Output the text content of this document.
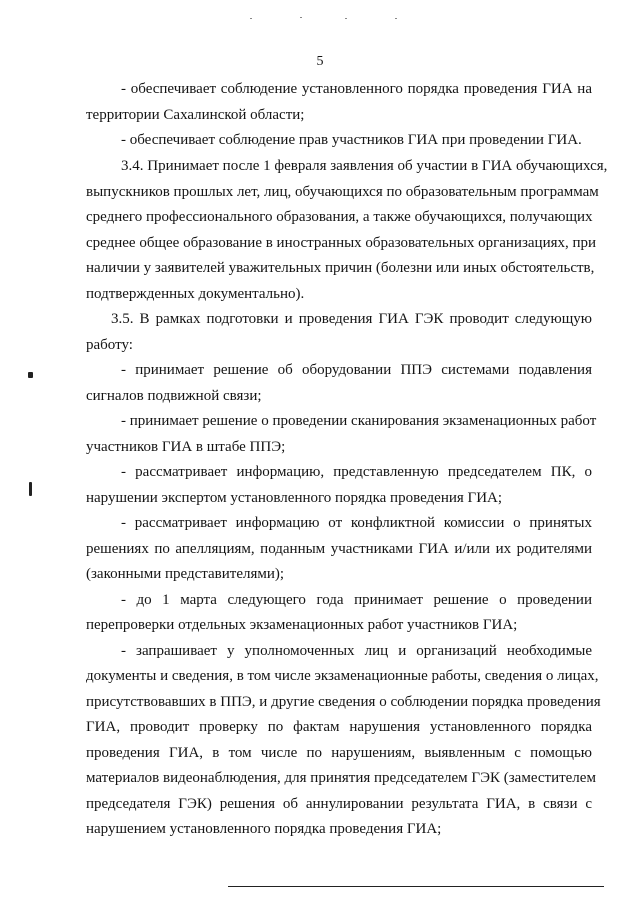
5
- обеспечивает соблюдение установленного порядка проведения ГИА на
территории Сахалинской области;
- обеспечивает соблюдение прав участников ГИА при проведении ГИА.
3.4. Принимает после 1 февраля заявления об участии в ГИА обучающихся,
выпускников прошлых лет, лиц, обучающихся по образовательным программам
среднего профессионального образования, а также обучающихся, получающих
среднее общее образование в иностранных образовательных организациях, при
наличии у заявителей уважительных причин (болезни или иных обстоятельств,
подтвержденных документально).
3.5. В рамках подготовки и проведения ГИА ГЭК проводит следующую
работу:
- принимает решение об оборудовании ППЭ системами подавления
сигналов подвижной связи;
- принимает решение о проведении сканирования экзаменационных работ
участников ГИА в штабе ППЭ;
- рассматривает информацию, представленную председателем ПК, о
нарушении экспертом установленного порядка проведения ГИА;
- рассматривает информацию от конфликтной комиссии о принятых
решениях по апелляциям, поданным участниками ГИА и/или их родителями
(законными представителями);
- до 1 марта следующего года принимает решение о проведении
перепроверки отдельных экзаменационных работ участников ГИА;
- запрашивает у уполномоченных лиц и организаций необходимые
документы и сведения, в том числе экзаменационные работы, сведения о лицах,
присутствовавших в ППЭ, и другие сведения о соблюдении порядка проведения
ГИА, проводит проверку по фактам нарушения установленного порядка
проведения ГИА, в том числе по нарушениям, выявленным с помощью
материалов видеонаблюдения, для принятия председателем ГЭК (заместителем
председателя ГЭК) решения об аннулировании результата ГИА, в связи с
нарушением установленного порядка проведения ГИА;
